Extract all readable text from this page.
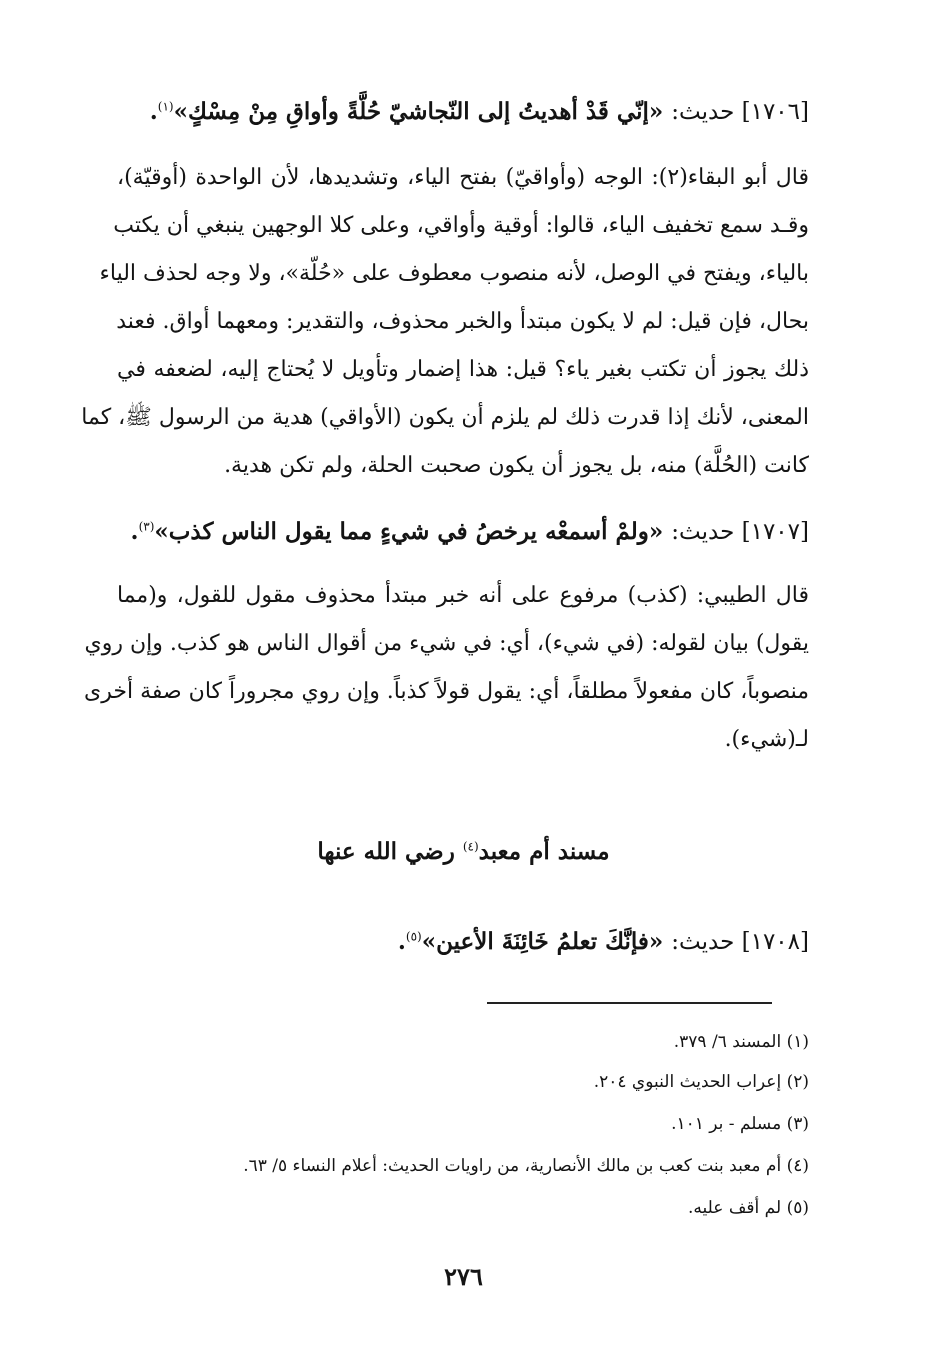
[١٧٠٦] حديث: «إنّي قَدْ أهديتُ إلى النّجاشيّ حُلَّةً وأواقِ مِنْ مِسْكٍ»$^{(١)}$.
قال أبو البقاء(٢): الوجه (وأواقيّ) بفتح الياء، وتشديدها، لأن الواحدة (أوقيّة)،
وقـد سمع تخفيف الياء، قالوا: أوقية وأواقي، وعلى كلا الوجهين ينبغي أن يكتب
بالياء، ويفتح في الوصل، لأنه منصوب معطوف على «حُلّة»، ولا وجه لحذف الياء
بحال، فإن قيل: لم لا يكون مبتدأ والخبر محذوف، والتقدير: ومعهما أواق. فعند
ذلك يجوز أن تكتب بغير ياء؟ قيل: هذا إضمار وتأويل لا يُحتاج إليه، لضعفه في
المعنى، لأنك إذا قدرت ذلك لم يلزم أن يكون (الأواقي) هدية من الرسول ﷺ، كما
كانت (الحُلَّة) منه، بل يجوز أن يكون صحبت الحلة، ولم تكن هدية.
[١٧٠٧] حديث: «ولمْ أسمعْه يرخصُ في شيءٍ مما يقول الناس كذب»$^{(٣)}$.
قال الطيبي: (كذب) مرفوع على أنه خبر مبتدأ محذوف مقول للقول، و(مما
يقول) بيان لقوله: (في شيء)، أي: في شيء من أقوال الناس هو كذب. وإن روي
منصوباً، كان مفعولاً مطلقاً، أي: يقول قولاً كذباً. وإن روي مجروراً كان صفة أخرى
لـ(شيء).
مسند أم معبد$^{(٤)}$ رضي الله عنها
[١٧٠٨] حديث: «فإنَّكَ تعلمُ خَائِنَةَ الأعين»$^{(٥)}$.
(١) المسند ٦/ ٣٧٩.
(٢) إعراب الحديث النبوي ٢٠٤.
(٣) مسلم - بر ١٠١.
(٤) أم معبد بنت كعب بن مالك الأنصارية، من راويات الحديث: أعلام النساء ٥/ ٦٣.
(٥) لم أقف عليه.
٢٧٦
